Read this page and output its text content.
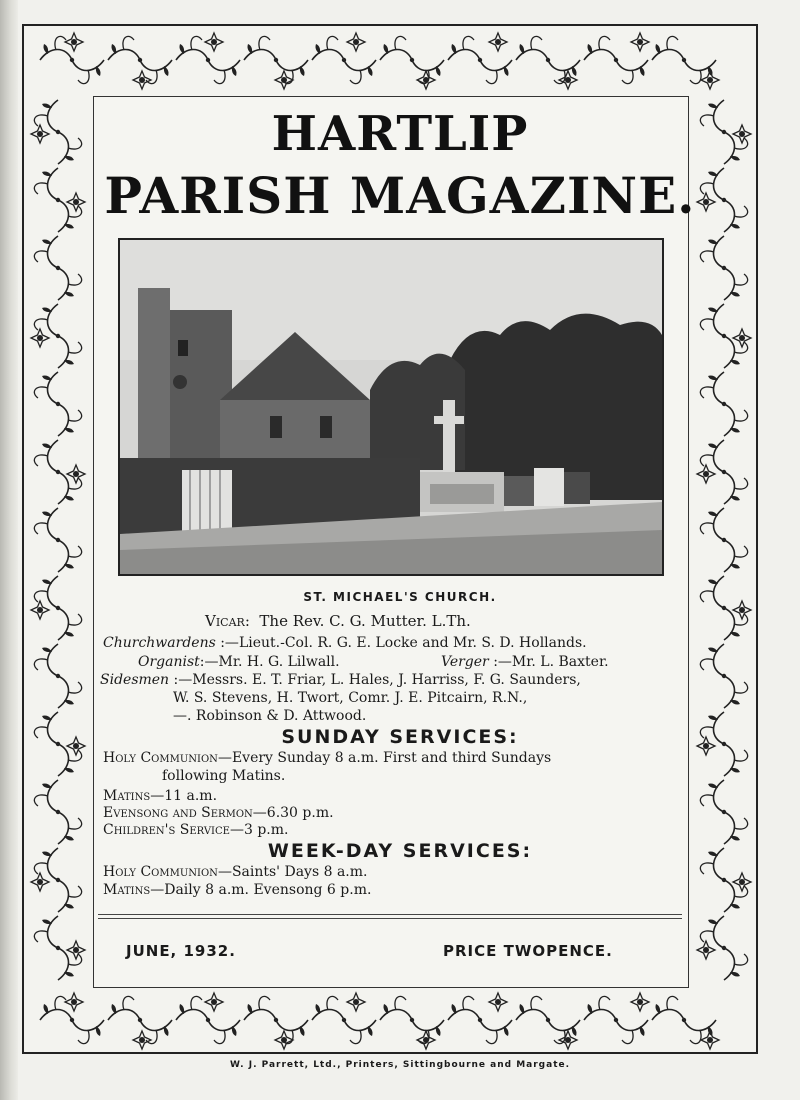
HARTLIP
PARISH MAGAZINE.

ST. MICHAEL'S CHURCH.

Vicar:  The Rev. C. G. Mutter. L.Th.

Churchwardens :—Lieut.-Col. R. G. E. Locke and Mr. S. D. Hollands.

Organist:—Mr. H. G. Lilwall.	Verger :—Mr. L. Baxter.

Sidesmen :—Messrs. E. T. Friar, L. Hales, J. Harriss, F. G. Saunders,

W. S. Stevens, H. Twort, Comr. J. E. Pitcairn, R.N.,

—. Robinson & D. Attwood.

SUNDAY SERVICES:

Holy Communion—Every Sunday 8 a.m. First and third Sundays

following Matins.

Matins—11 a.m.

Evensong and Sermon—6.30 p.m.

Children's Service—3 p.m.

WEEK-DAY SERVICES:

Holy Communion—Saints' Days 8 a.m.

Matins—Daily 8 a.m. Evensong 6 p.m.

JUNE, 1932.	PRICE TWOPENCE.

W. J. Parrett, Ltd., Printers, Sittingbourne and Margate.
